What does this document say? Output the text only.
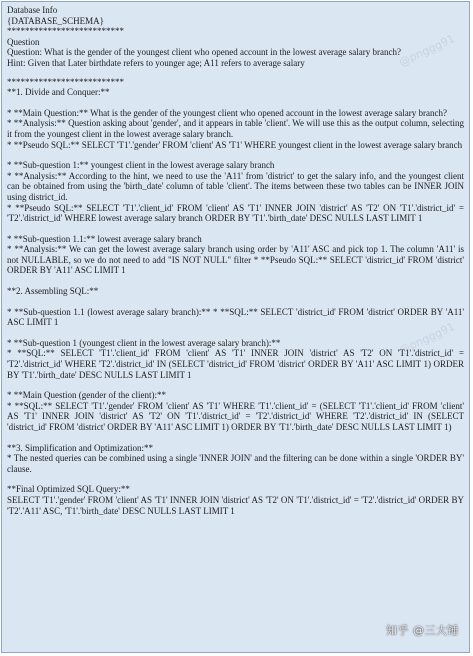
Database Info

{DATABASE_SCHEMA}

**************************

Question

Question: What is the gender of the youngest client who opened account in the lowest average salary branch?

Hint: Given that Later birthdate refers to younger age; A11 refers to average salary

**************************

**1. Divide and Conquer:**

* **Main Question:** What is the gender of the youngest client who opened account in the lowest average salary branch?

* **Analysis:** Question asking about 'gender', and it appears in table 'client'. We will use this as the output column, selecting it from the youngest client in the lowest average salary branch.

* **Pseudo SQL:** SELECT 'T1'.'gender' FROM 'client' AS 'T1' WHERE youngest client in the lowest average salary branch

* **Sub-question 1:** youngest client in the lowest average salary branch

* **Analysis:** According to the hint, we need to use the 'A11' from 'district' to get the salary info, and the youngest client can be obtained from using the 'birth_date' column of table 'client'. The items between these two tables can be INNER JOIN using district_id.

* **Pseudo SQL:** SELECT 'T1'.'client_id' FROM 'client' AS 'T1' INNER JOIN 'district' AS 'T2' ON 'T1'.'district_id' = 'T2'.'district_id' WHERE lowest average salary branch ORDER BY 'T1'.'birth_date' DESC NULLS LAST LIMIT 1

* **Sub-question 1.1:** lowest average salary branch

* **Analysis:** We can get the lowest average salary branch using order by 'A11' ASC and pick top 1. The column 'A11' is not NULLABLE, so we do not need to add "IS NOT NULL" filter * **Pseudo SQL:** SELECT 'district_id' FROM 'district' ORDER BY 'A11' ASC LIMIT 1

**2. Assembling SQL:**

* **Sub-question 1.1 (lowest average salary branch):** * **SQL:** SELECT 'district_id' FROM 'district' ORDER BY 'A11' ASC LIMIT 1

* **Sub-question 1 (youngest client in the lowest average salary branch):**

* **SQL:** SELECT 'T1'.'client_id' FROM 'client' AS 'T1' INNER JOIN 'district' AS 'T2' ON 'T1'.'district_id' = 'T2'.'district_id' WHERE 'T2'.'district_id' IN (SELECT 'district_id' FROM 'district' ORDER BY 'A11' ASC LIMIT 1) ORDER BY 'T1'.'birth_date' DESC NULLS LAST LIMIT 1

* **Main Question (gender of the client):**

* **SQL:** SELECT 'T1'.'gender' FROM 'client' AS 'T1' WHERE 'T1'.'client_id' = (SELECT 'T1'.'client_id' FROM 'client' AS 'T1' INNER JOIN 'district' AS 'T2' ON 'T1'.'district_id' = 'T2'.'district_id' WHERE 'T2'.'district_id' IN (SELECT 'district_id' FROM 'district' ORDER BY 'A11' ASC LIMIT 1) ORDER BY 'T1'.'birth_date' DESC NULLS LAST LIMIT 1)

**3. Simplification and Optimization:**

* The nested queries can be combined using a single 'INNER JOIN' and the filtering can be done within a single 'ORDER BY' clause.

**Final Optimized SQL Query:**

SELECT 'T1'.'gender' FROM 'client' AS 'T1' INNER JOIN 'district' AS 'T2' ON 'T1'.'district_id' = 'T2'.'district_id' ORDER BY 'T2'.'A11' ASC, 'T1'.'birth_date' DESC NULLS LAST LIMIT 1

@pnggg91
@pnggg91
知乎 @三大锤
